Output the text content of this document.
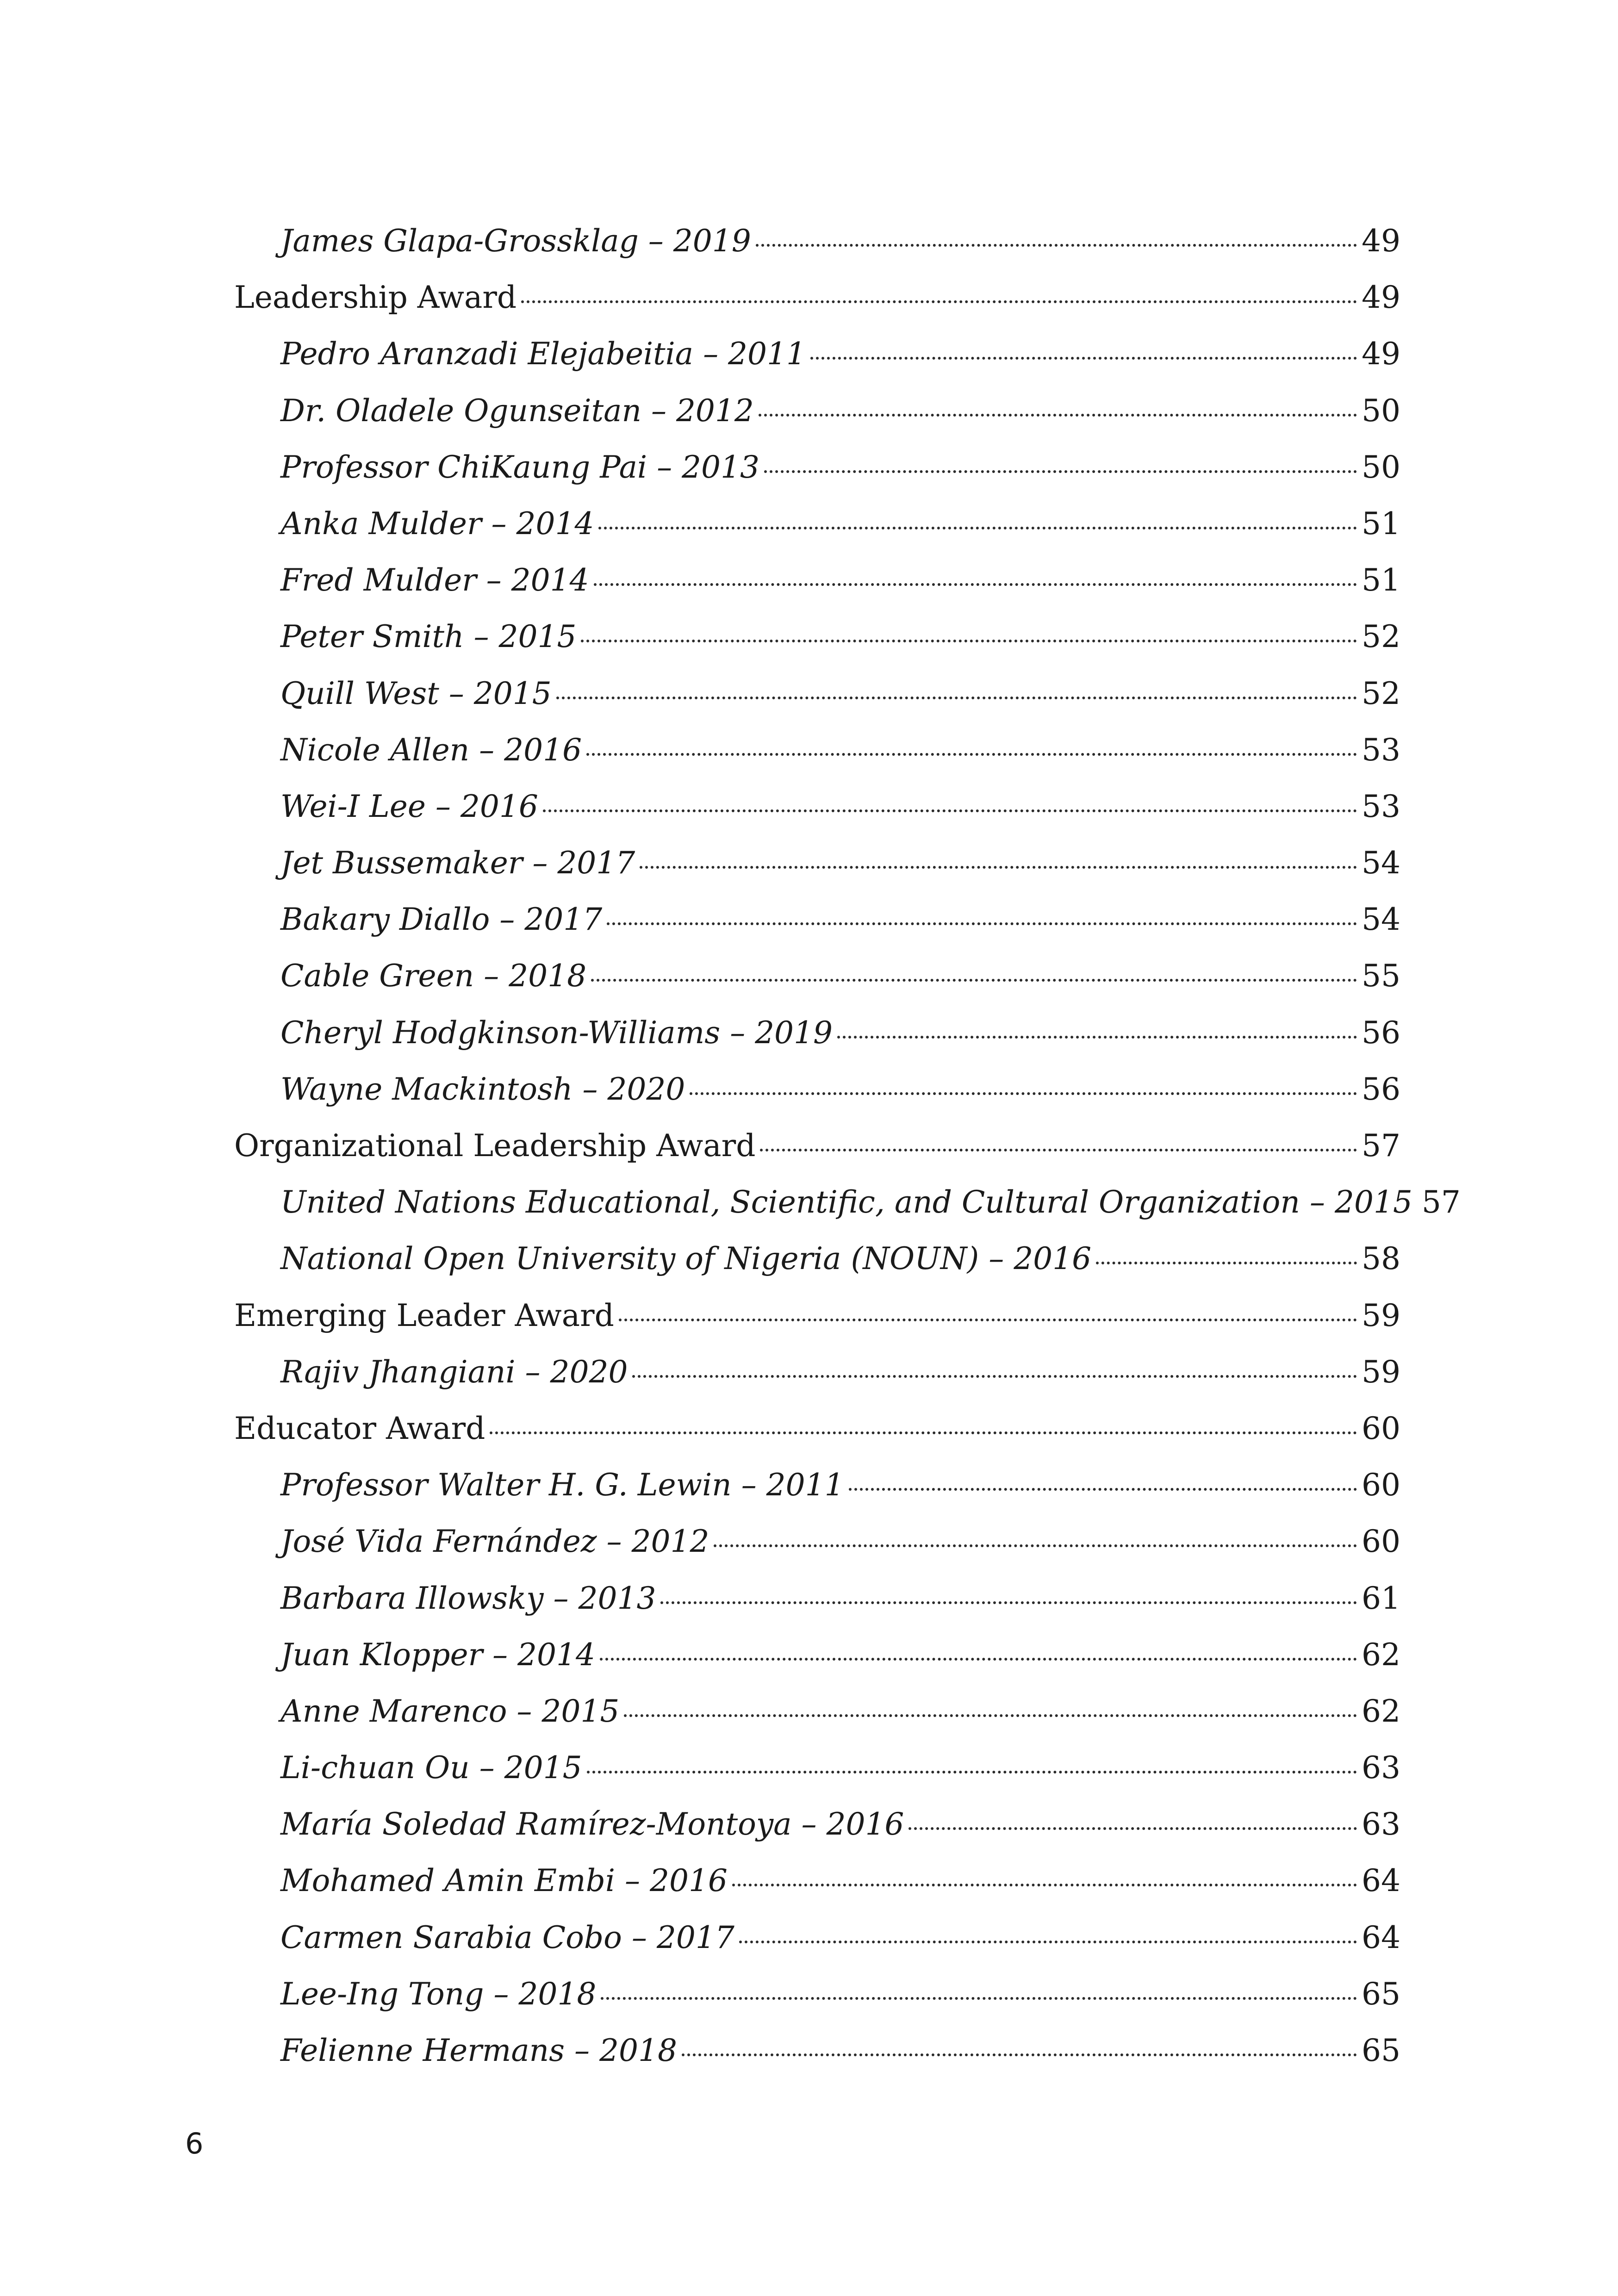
James Glapa-Grossklag – 2019	49
Leadership Award	49
Pedro Aranzadi Elejabeitia – 2011	49
Dr. Oladele Ogunseitan – 2012	50
Professor ChiKaung Pai – 2013	50
Anka Mulder – 2014	51
Fred Mulder – 2014	51
Peter Smith – 2015	52
Quill West – 2015	52
Nicole Allen – 2016	53
Wei-I Lee – 2016	53
Jet Bussemaker – 2017	54
Bakary Diallo – 2017	54
Cable Green – 2018	55
Cheryl Hodgkinson-Williams – 2019	56
Wayne Mackintosh – 2020	56
Organizational Leadership Award	57
United Nations Educational, Scientific, and Cultural Organization – 2015 57
National Open University of Nigeria (NOUN) – 2016	58
Emerging Leader Award	59
Rajiv Jhangiani – 2020	59
Educator Award	60
Professor Walter H. G. Lewin – 2011	60
José Vida Fernández – 2012	60
Barbara Illowsky – 2013	61
Juan Klopper – 2014	62
Anne Marenco – 2015	62
Li-chuan Ou – 2015	63
María Soledad Ramírez-Montoya – 2016	63
Mohamed Amin Embi – 2016	64
Carmen Sarabia Cobo – 2017	64
Lee-Ing Tong – 2018	65
Felienne Hermans – 2018	65
6
